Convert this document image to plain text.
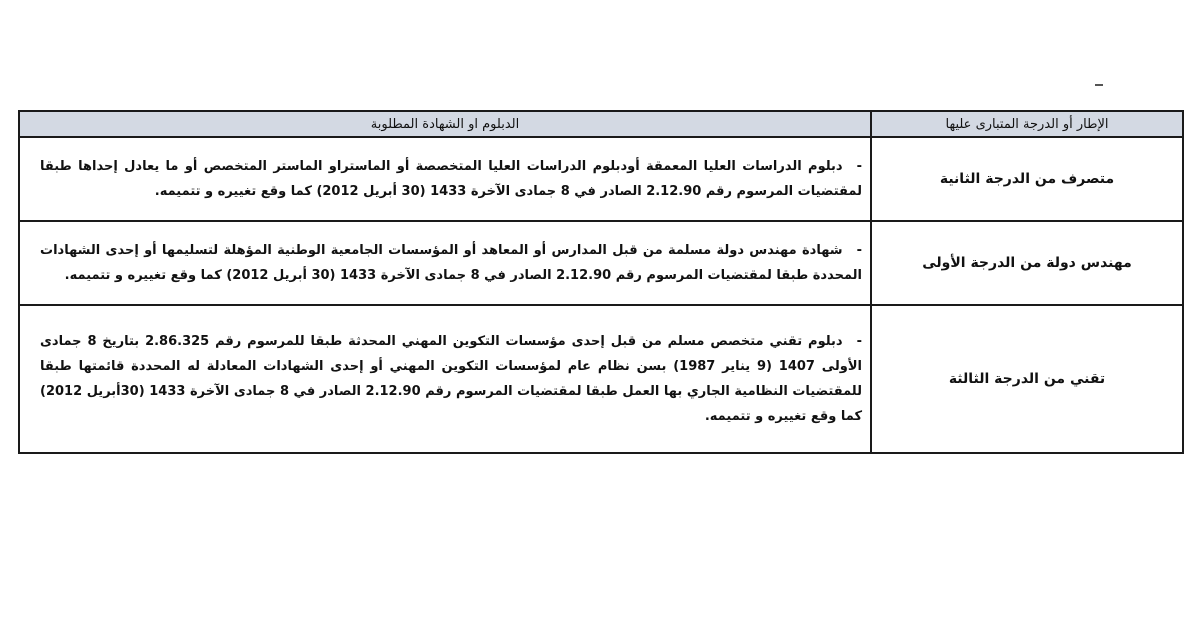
الإطار أو الدرجة المتبارى عليها	الدبلوم او الشهادة المطلوبة
متصرف من الدرجة الثانية	-دبلوم الدراسات العليا المعمقة أودبلوم الدراسات العليا المتخصصة أو الماستراو الماستر المتخصص أو ما يعادل إحداها طبقا لمقتضيات المرسوم رقم 2.12.90 الصادر في 8 جمادى الآخرة 1433 (30 أبريل 2012) كما وقع تغييره و تتميمه.
مهندس دولة من الدرجة الأولى	-شهادة مهندس دولة مسلمة من قبل المدارس أو المعاهد أو المؤسسات الجامعية الوطنية المؤهلة لتسليمها أو إحدى الشهادات المحددة طبقا لمقتضيات المرسوم رقم 2.12.90 الصادر في 8 جمادى الآخرة 1433 (30 أبريل 2012) كما وقع تغييره و تتميمه.
تقني من الدرجة الثالثة	-دبلوم تقني متخصص مسلم من قبل إحدى مؤسسات التكوين المهني المحدثة طبقا للمرسوم رقم 2.86.325 بتاريخ 8 جمادى الأولى 1407 (9 يناير 1987) بسن نظام عام لمؤسسات التكوين المهني أو إحدى الشهادات المعادلة له المحددة قائمتها طبقا للمقتضيات النظامية الجاري بها العمل طبقا لمقتضيات المرسوم رقم 2.12.90 الصادر في 8 جمادى الآخرة 1433 (30أبريل 2012) كما وقع تغييره و تتميمه.
